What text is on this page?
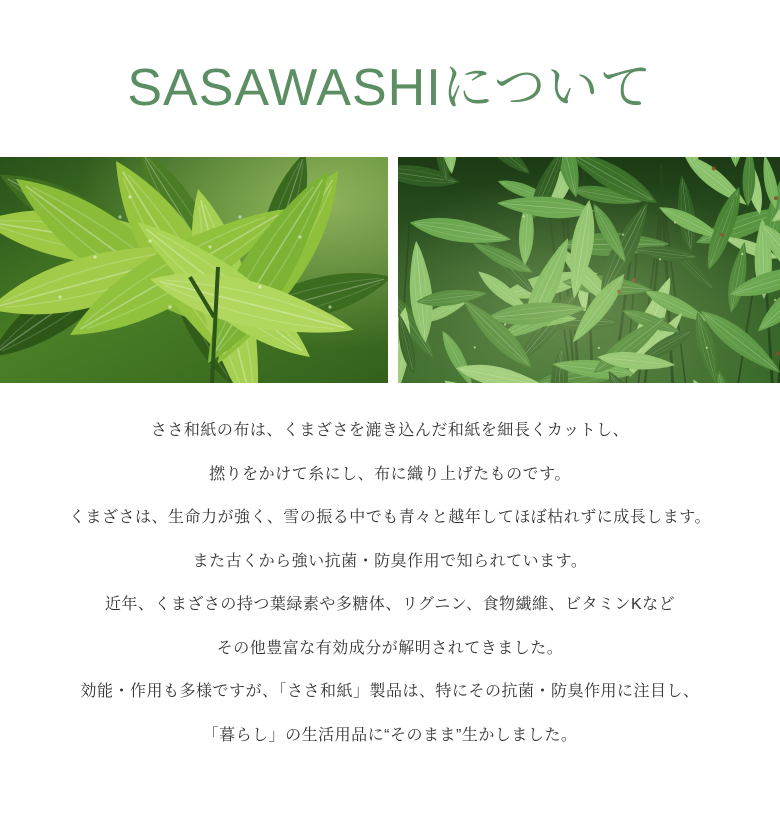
SASAWASHIについて

ささ和紙の布は、くまざさを漉き込んだ和紙を細長くカットし、

撚りをかけて糸にし、布に織り上げたものです。

くまざさは、生命力が強く、雪の振る中でも青々と越年してほぼ枯れずに成長します。

また古くから強い抗菌・防臭作用で知られています。

近年、くまざさの持つ葉緑素や多糖体、リグニン、食物繊維、ビタミンKなど

その他豊富な有効成分が解明されてきました。

効能・作用も多様ですが、「ささ和紙」製品は、特にその抗菌・防臭作用に注目し、

「暮らし」の生活用品に“そのまま”生かしました。
